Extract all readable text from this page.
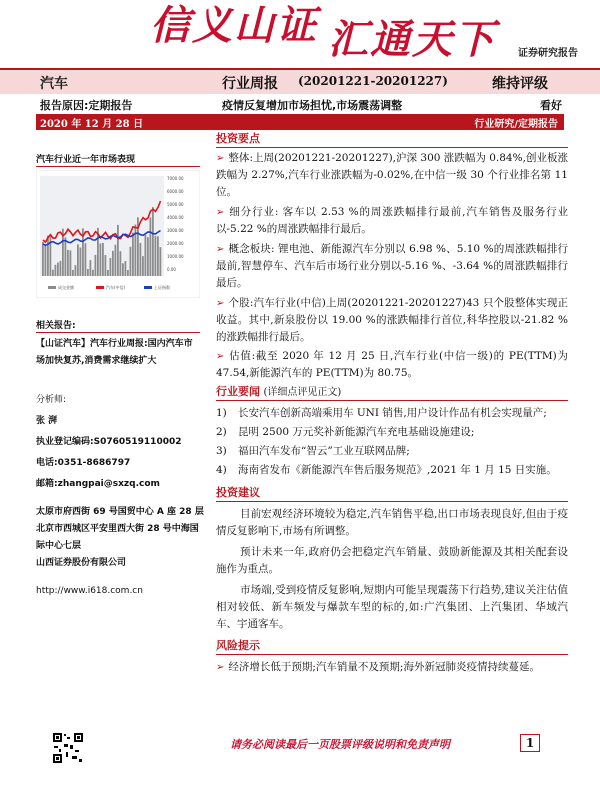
信义山证 汇通天下 证券研究报告
汽车	行业周报 (20201221-20201227)	维持评级
报告原因:定期报告	疫情反复增加市场担忧,市场震荡调整	看好
2020 年 12 月 28 日	行业研究/定期报告
汽车行业近一年市场表现
7000.00
6000.00
5000.00
4000.00
3000.00
2000.00
1000.00
0.00
成交金额	汽车(中信)	上证指数
相关报告:
【山证汽车】汽车行业周报:国内汽车市场加快复苏,消费需求继续扩大
分析师:
张 湃
执业登记编码:S0760519110002
电话:0351-8686797
邮箱:zhangpai@sxzq.com
太原市府西街 69 号国贸中心 A 座 28 层
北京市西城区平安里西大街 28 号中海国际中心七层
山西证券股份有限公司
http://www.i618.com.cn
投资要点

➢ 整体:上周(20201221-20201227),沪深 300 涨跌幅为 0.84%,创业板涨跌幅为 2.27%,汽车行业涨跌幅为-0.02%,在中信一级 30 个行业排名第 11 位。

➢ 细分行业: 客车以 2.53 %的周涨跌幅排行最前,汽车销售及服务行业以-5.22 %的周涨跌幅排行最后。

➢ 概念板块: 锂电池、新能源汽车分别以 6.98 %、5.10 %的周涨跌幅排行最前,智慧停车、汽车后市场行业分别以-5.16 %、-3.64 %的周涨跌幅排行最后。

➢ 个股:汽车行业(中信)上周(20201221-20201227)43 只个股整体实现正收益。其中,新泉股份以 19.00 %的涨跌幅排行首位,科华控股以-21.82 %的涨跌幅排行最后。

➢ 估值:截至 2020 年 12 月 25 日,汽车行业(中信一级)的 PE(TTM)为 47.54,新能源汽车的 PE(TTM)为 80.75。

行业要闻 (详细点评见正文)
1) 长安汽车创新高端乘用车 UNI 销售,用户设计作品有机会实现量产;
2) 昆明 2500 万元奖补新能源汽车充电基础设施建设;
3) 福田汽车发布“智云”工业互联网品牌;
4) 海南省发布《新能源汽车售后服务规范》,2021 年 1 月 15 日实施。
投资建议

目前宏观经济环境较为稳定,汽车销售平稳,出口市场表现良好,但由于疫情反复影响下,市场有所调整。

预计未来一年,政府仍会把稳定汽车销量、鼓励新能源及其相关配套设施作为重点。

市场端,受到疫情反复影响,短期内可能呈现震荡下行趋势,建议关注估值相对较低、新车频发与爆款车型的标的,如:广汽集团、上汽集团、华域汽车、宇通客车。

风险提示

➢ 经济增长低于预期;汽车销量不及预期;海外新冠肺炎疫情持续蔓延。

请务必阅读最后一页股票评级说明和免责声明	1
